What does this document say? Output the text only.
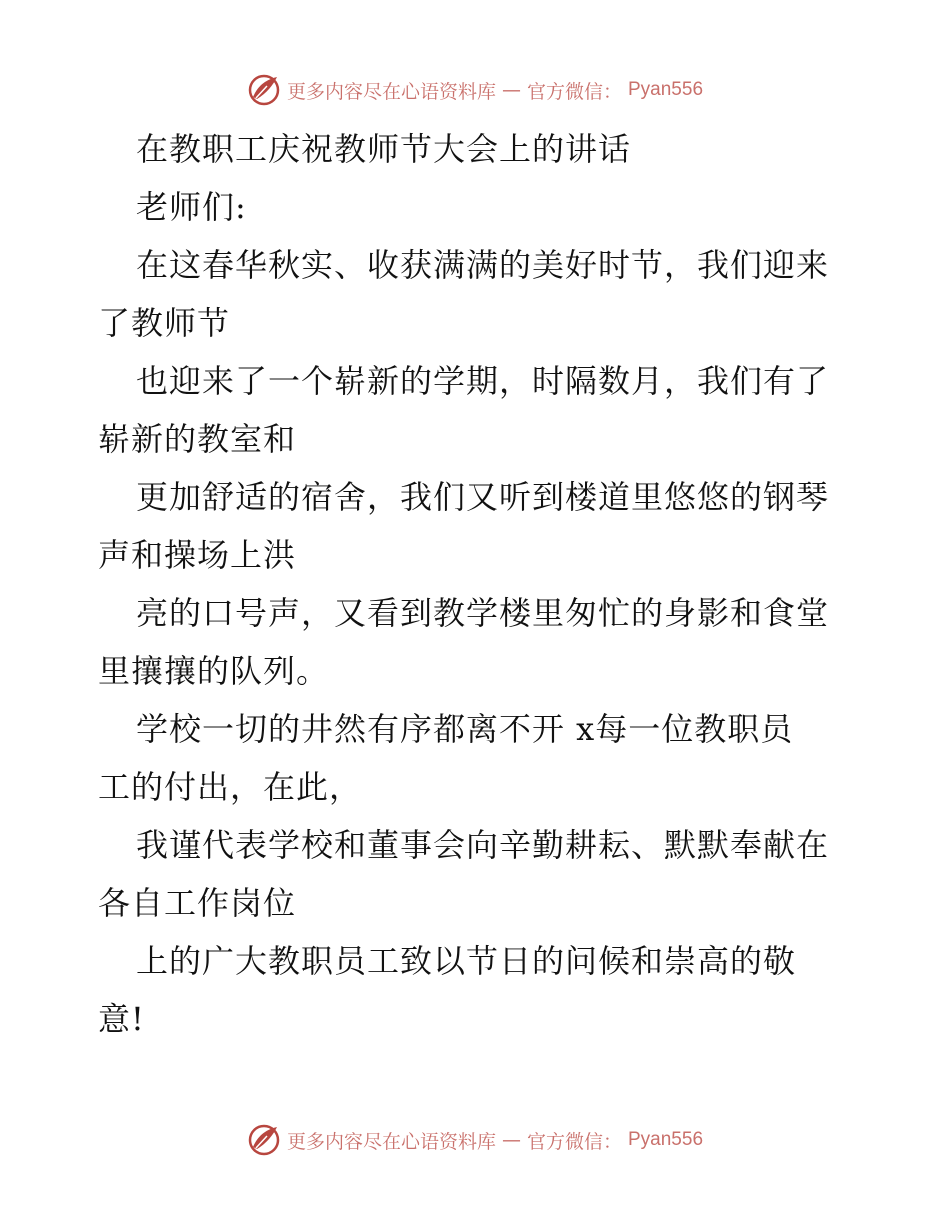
更多内容尽在心语资料库 — 官方微信： Pyan556
在教职工庆祝教师节大会上的讲话
老师们:
在这春华秋实、收获满满的美好时节，我们迎来
了教师节
也迎来了一个崭新的学期，时隔数月，我们有了
崭新的教室和
更加舒适的宿舍，我们又听到楼道里悠悠的钢琴
声和操场上洪
亮的口号声，又看到教学楼里匆忙的身影和食堂
里攘攘的队列。
学校一切的井然有序都离不开 x每一位教职员
工的付出，在此，
我谨代表学校和董事会向辛勤耕耘、默默奉献在
各自工作岗位
上的广大教职员工致以节日的问候和崇高的敬
意!
更多内容尽在心语资料库 — 官方微信： Pyan556
